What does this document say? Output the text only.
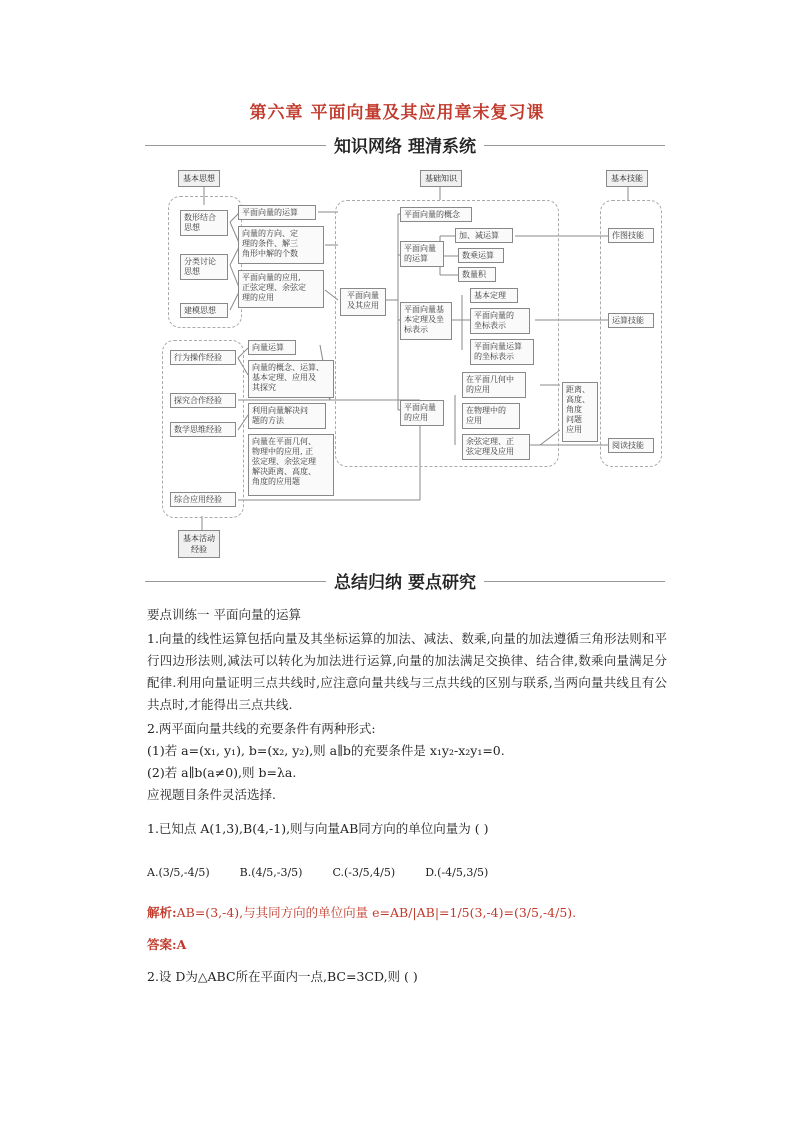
第六章 平面向量及其应用章末复习课
知识网络 理清系统
基本思想	基础知识	基本技能
基本活动
经验
数形结合
思想
分类讨论
思想
建模思想
平面向量的运算
向量的方向、定
理的条件、解三
角形中解的个数
平面向量的应用,
正弦定理、余弦定
理的应用	平面向量
及其应用
平面向量的概念
平面向量
的运算
平面向量基
本定理及坐
标表示
平面向量
的应用
加、减运算
数乘运算
数量积
基本定理
平面向量的
坐标表示
平面向量运算
的坐标表示
在平面几何中
的应用
在物理中的
应用
余弦定理、正
弦定理及应用
距离、
高度、
角度
问题
应用
作图技能
运算技能
阅读技能
行为操作经验
探究合作经验
数学思维经验
综合应用经验
向量运算
向量的概念、运算、
基本定理、应用及
其探究
利用向量解决问
题的方法
向量在平面几何、
物理中的应用, 正
弦定理、余弦定理
解决距离、高度、
角度的应用题
总结归纳 要点研究
要点训练一 平面向量的运算
1.向量的线性运算包括向量及其坐标运算的加法、减法、数乘,向量的加法遵循三角形法则和平行四边形法则,减法可以转化为加法进行运算,向量的加法满足交换律、结合律,数乘向量满足分配律.利用向量证明三点共线时,应注意向量共线与三点共线的区别与联系,当两向量共线且有公共点时,才能得出三点共线.
2.两平面向量共线的充要条件有两种形式:
(1)若 a=(x₁, y₁), b=(x₂, y₂),则 a∥b的充要条件是 x₁y₂-x₂y₁=0.
(2)若 a∥b(a≠0),则 b=λa.
应视题目条件灵活选择.
1.已知点 A(1,3),B(4,-1),则与向量AB同方向的单位向量为 ( )
A.(3/5,-4/5)	B.(4/5,-3/5)	C.(-3/5,4/5)	D.(-4/5,3/5)
解析:AB=(3,-4),与其同方向的单位向量 e=AB/|AB|=1/5(3,-4)=(3/5,-4/5).
答案:A
2.设 D为△ABC所在平面内一点,BC=3CD,则 ( )
